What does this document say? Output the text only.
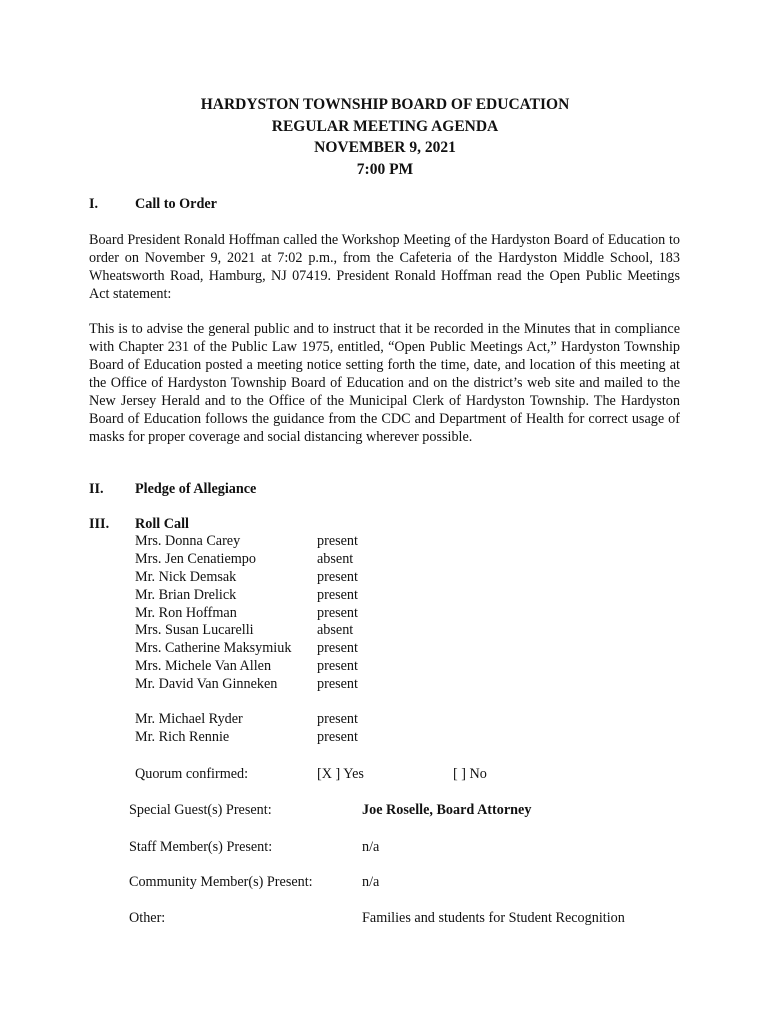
HARDYSTON TOWNSHIP BOARD OF EDUCATION
REGULAR MEETING AGENDA
NOVEMBER 9, 2021
7:00 PM
I.	Call to Order
Board President Ronald Hoffman called the Workshop Meeting of the Hardyston Board of Education to order on November 9, 2021 at 7:02 p.m., from the Cafeteria of the Hardyston Middle School, 183 Wheatsworth Road, Hamburg, NJ 07419. President Ronald Hoffman read the Open Public Meetings Act statement:
This is to advise the general public and to instruct that it be recorded in the Minutes that in compliance with Chapter 231 of the Public Law 1975, entitled, “Open Public Meetings Act,” Hardyston Township Board of Education posted a meeting notice setting forth the time, date, and location of this meeting at the Office of Hardyston Township Board of Education and on the district’s web site and mailed to the New Jersey Herald and to the Office of the Municipal Clerk of Hardyston Township. The Hardyston Board of Education follows the guidance from the CDC and Department of Health for correct usage of masks for proper coverage and social distancing wherever possible.
II. Pledge of Allegiance
III. Roll Call
Mrs. Donna Carey	present
Mrs. Jen Cenatiempo	absent
Mr. Nick Demsak	present
Mr. Brian Drelick	present
Mr. Ron Hoffman	present
Mrs. Susan Lucarelli	absent
Mrs. Catherine Maksymiuk present
Mrs. Michele Van Allen	present
Mr. David Van Ginneken	present
Mr. Michael Ryder	present
Mr. Rich Rennie	present
Quorum confirmed:	[X ] Yes	[ ] No
Special Guest(s) Present:	Joe Roselle, Board Attorney
Staff Member(s) Present:	n/a
Community Member(s) Present:	n/a
Other:	Families and students for Student Recognition
